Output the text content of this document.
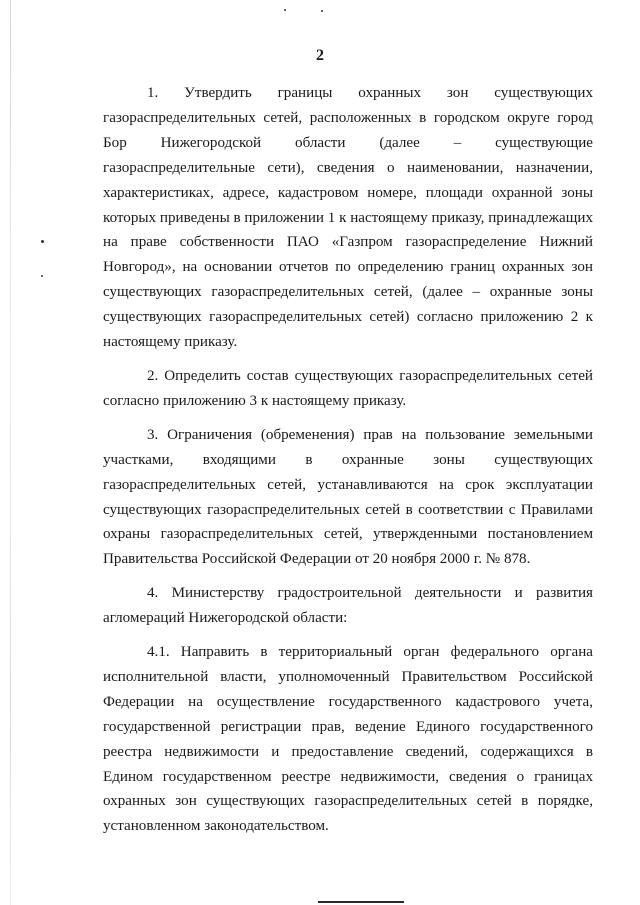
2

1. Утвердить границы охранных зон существующих газораспределительных сетей, расположенных в городском округе город Бор Нижегородской области (далее – существующие газораспределительные сети), сведения о наименовании, назначении, характеристиках, адресе, кадастровом номере, площади охранной зоны которых приведены в приложении 1 к настоящему приказу, принадлежащих на праве собственности ПАО «Газпром газораспределение Нижний Новгород», на основании отчетов по определению границ охранных зон существующих газораспределительных сетей, (далее – охранные зоны существующих газораспределительных сетей) согласно приложению 2 к настоящему приказу.

2. Определить состав существующих газораспределительных сетей согласно приложению 3 к настоящему приказу.

3. Ограничения (обременения) прав на пользование земельными участками, входящими в охранные зоны существующих газораспределительных сетей, устанавливаются на срок эксплуатации существующих газораспределительных сетей в соответствии с Правилами охраны газораспределительных сетей, утвержденными постановлением Правительства Российской Федерации от 20 ноября 2000 г. № 878.

4. Министерству градостроительной деятельности и развития агломераций Нижегородской области:

4.1. Направить в территориальный орган федерального органа исполнительной власти, уполномоченный Правительством Российской Федерации на осуществление государственного кадастрового учета, государственной регистрации прав, ведение Единого государственного реестра недвижимости и предоставление сведений, содержащихся в Едином государственном реестре недвижимости, сведения о границах охранных зон существующих газораспределительных сетей в порядке, установленном законодательством.
